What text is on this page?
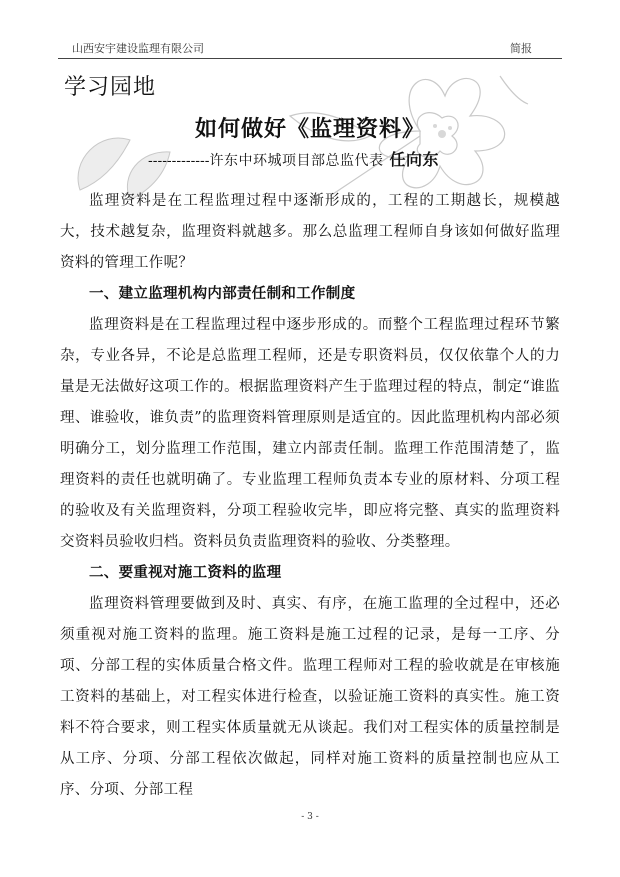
山西安宇建设监理有限公司	简报
学习园地
如何做好《监理资料》
-------------许东中环城项目部总监代表 任向东

监理资料是在工程监理过程中逐渐形成的，工程的工期越长，规模越大，技术越复杂，监理资料就越多。那么总监理工程师自身该如何做好监理资料的管理工作呢？

一、建立监理机构内部责任制和工作制度

监理资料是在工程监理过程中逐步形成的。而整个工程监理过程环节繁杂，专业各异，不论是总监理工程师，还是专职资料员，仅仅依靠个人的力量是无法做好这项工作的。根据监理资料产生于监理过程的特点，制定“谁监理、谁验收，谁负责”的监理资料管理原则是适宜的。因此监理机构内部必须明确分工，划分监理工作范围，建立内部责任制。监理工作范围清楚了，监理资料的责任也就明确了。专业监理工程师负责本专业的原材料、分项工程的验收及有关监理资料，分项工程验收完毕，即应将完整、真实的监理资料交资料员验收归档。资料员负责监理资料的验收、分类整理。

二、要重视对施工资料的监理

监理资料管理要做到及时、真实、有序，在施工监理的全过程中，还必须重视对施工资料的监理。施工资料是施工过程的记录，是每一工序、分项、分部工程的实体质量合格文件。监理工程师对工程的验收就是在审核施工资料的基础上，对工程实体进行检查，以验证施工资料的真实性。施工资料不符合要求，则工程实体质量就无从谈起。我们对工程实体的质量控制是从工序、分项、分部工程依次做起，同样对施工资料的质量控制也应从工序、分项、分部工程

- 3 -
